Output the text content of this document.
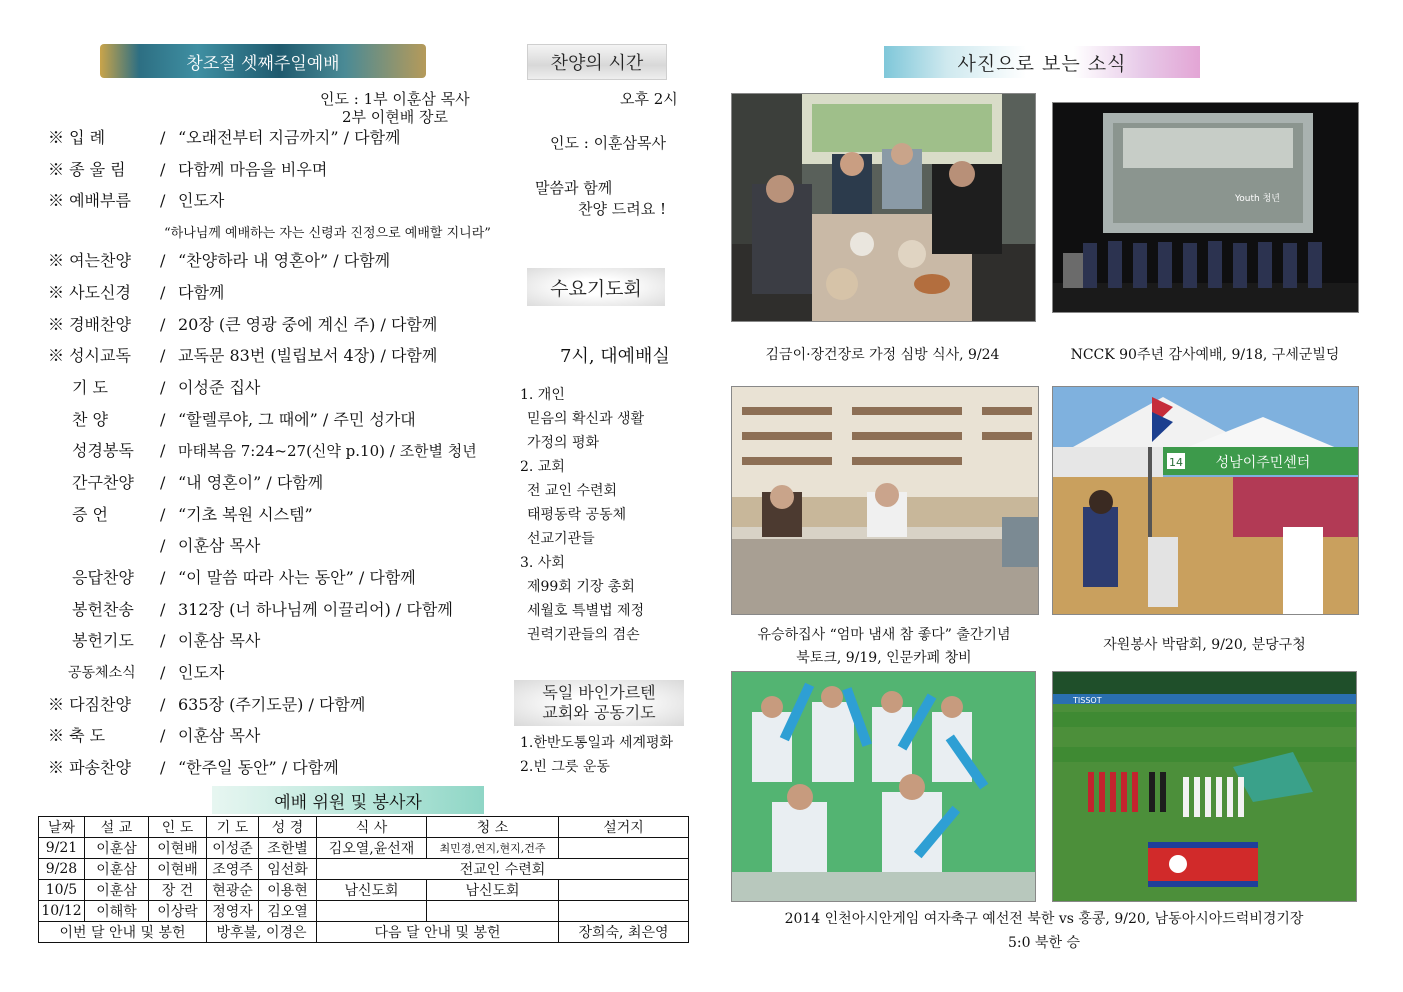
창조절 셋째주일예배
인도 : 1부 이훈삼 목사
2부 이현배 장로
※ 입 례	/ “오래전부터 지금까지” / 다함께
※ 종 울 림	/ 다함께 마음을 비우며
※ 예배부름	/ 인도자
“하나님께 예배하는 자는 신령과 진정으로 예배할 지니라”
※ 여는찬양	/ “찬양하라 내 영혼아” / 다함께
※ 사도신경	/ 다함께
※ 경배찬양	/ 20장 (큰 영광 중에 계신 주) / 다함께
※ 성시교독	/ 교독문 83번 (빌립보서 4장) / 다함께
기 도	/ 이성준 집사
찬 양	/ “할렐루야, 그 때에” / 주민 성가대
성경봉독	/ 마태복음 7:24~27(신약 p.10) / 조한별 청년
간구찬양	/ “내 영혼이” / 다함께
증 언	/ “기초 복원 시스템”
/ 이훈삼 목사
응답찬양	/ “이 말씀 따라 사는 동안” / 다함께
봉헌찬송	/ 312장 (너 하나님께 이끌리어) / 다함께
봉헌기도	/ 이훈삼 목사
공동체소식	/ 인도자
※ 다짐찬양	/ 635장 (주기도문) / 다함께
※ 축 도	/ 이훈삼 목사
※ 파송찬양	/ “한주일 동안” / 다함께
예배 위원 및 봉사자
날짜	설 교	인 도	기 도	성 경	식 사	청 소	설거지
9/21	이훈삼	이현배	이성준	조한별	김오열,윤선재	최민경,연지,현지,건주	
9/28	이훈삼	이현배	조영주	임선화	전교인 수련회		
10/5	이훈삼	장 건	현광순	이용현	남신도회	남신도회	
10/12	이해학	이상락	정영자	김오열			
이번 달 안내 및 봉헌			방후불, 이경은		다음 달 안내 및 봉헌		장희숙, 최은영
찬양의 시간
오후 2시
인도 : 이훈삼목사
말씀과 함께
찬양 드려요 !
수요기도회
7시, 대예배실
1. 개인
믿음의 확신과 생활
가정의 평화
2. 교회
전 교인 수련회
태평동락 공동체
선교기관들
3. 사회
제99회 기장 총회
세월호 특별법 제정
권력기관들의 겸손
독일 바인가르텐
교회와 공동기도
1.한반도통일과 세계평화
2.빈 그릇 운동
사진으로 보는 소식
김금이·장건장로 가정 심방 식사, 9/24
Youth 청년
NCCK 90주년 감사예배, 9/18, 구세군빌딩
유승하집사 “엄마 냄새 참 좋다” 출간기념
북토크, 9/19, 인문카페 창비
성남이주민센터
14
자원봉사 박람회, 9/20, 분당구청
TISSOT
2014 인천아시안게임 여자축구 예선전 북한 vs 홍콩, 9/20, 남동아시아드럭비경기장
5:0 북한 승
